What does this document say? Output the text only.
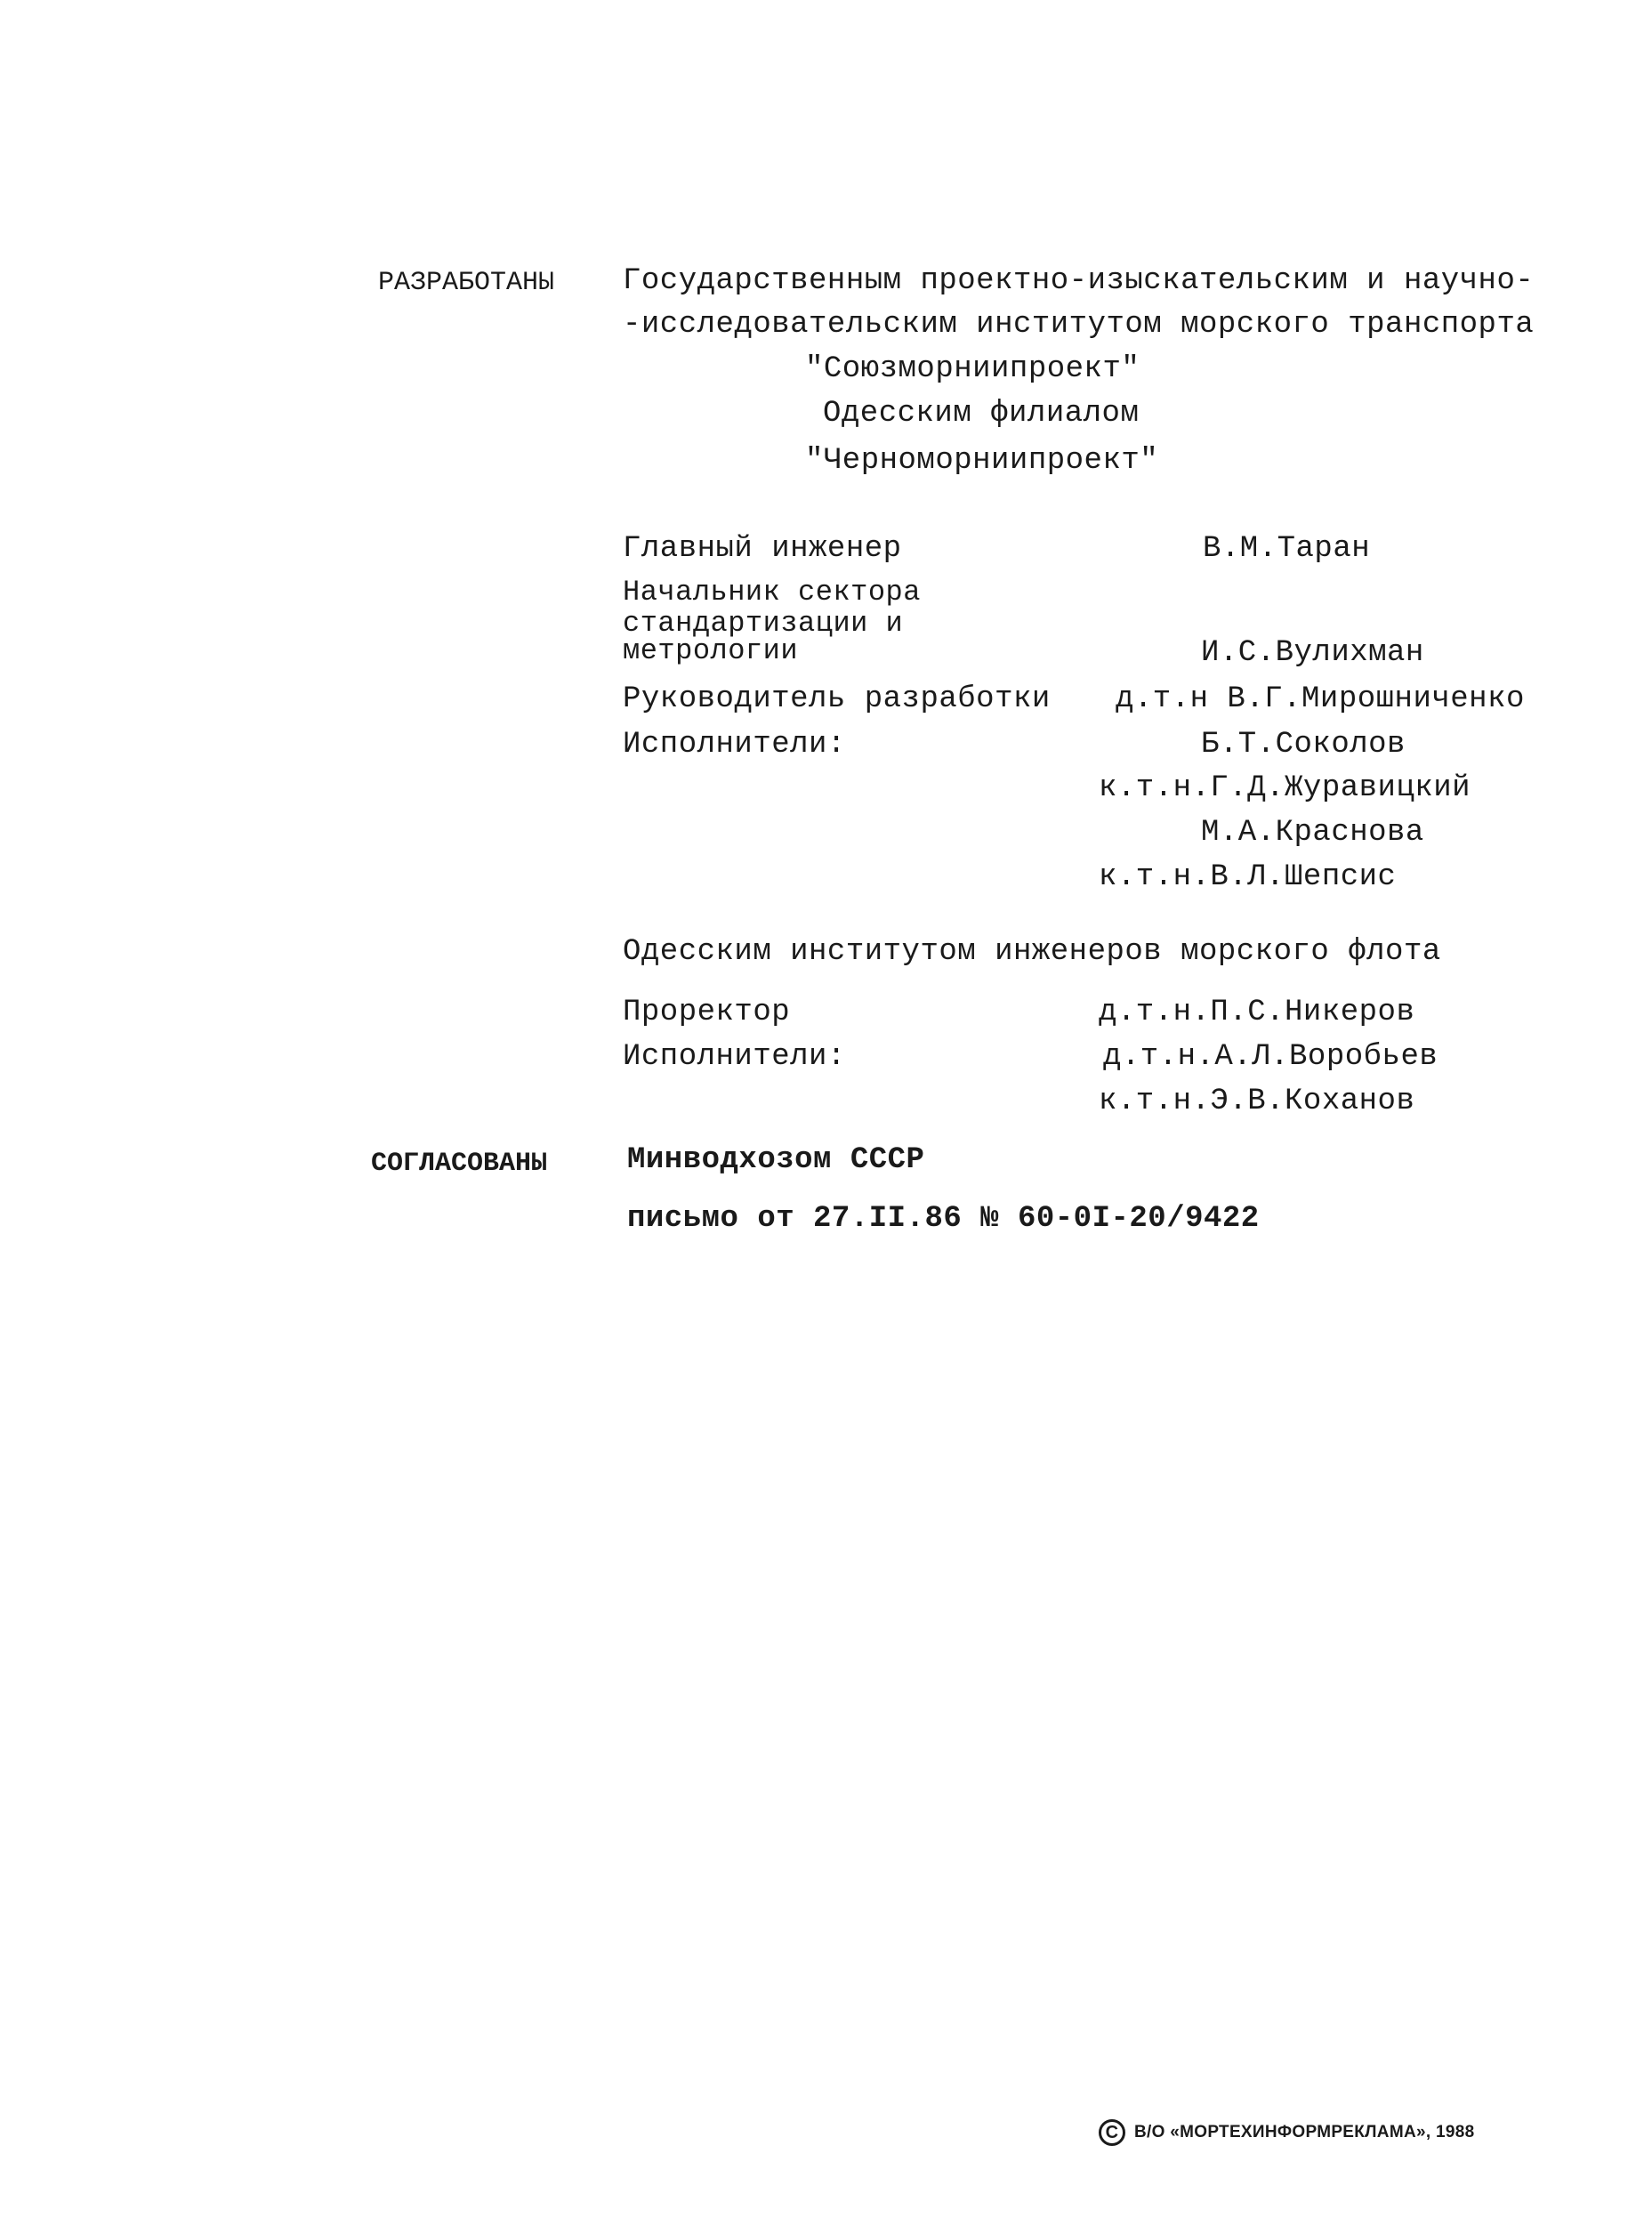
РАЗРАБОТАНЫ Государственным проектно-изыскательским и научно-
-исследовательским институтом морского транспорта
"Союзморниипроект"
Одесским филиалом
"Черноморниипроект"
Главный инженер	В.М.Таран
Начальник сектора
стандартизации и
метрологии	И.С.Вулихман
Руководитель разработки д.т.н В.Г.Мирошниченко
Исполнители:	Б.Т.Соколов
к.т.н.Г.Д.Журавицкий
М.А.Краснова
к.т.н.В.Л.Шепсис
Одесским институтом инженеров морского флота
Проректор	д.т.н.П.С.Никеров
Исполнители:	д.т.н.А.Л.Воробьев
к.т.н.Э.В.Коханов
СОГЛАСОВАНЫ	Минводхозом СССР
письмо от 27.II.86 № 60-0I-20/9422
C В/О «МОРТЕХИНФОРМРЕКЛАМА», 1988
